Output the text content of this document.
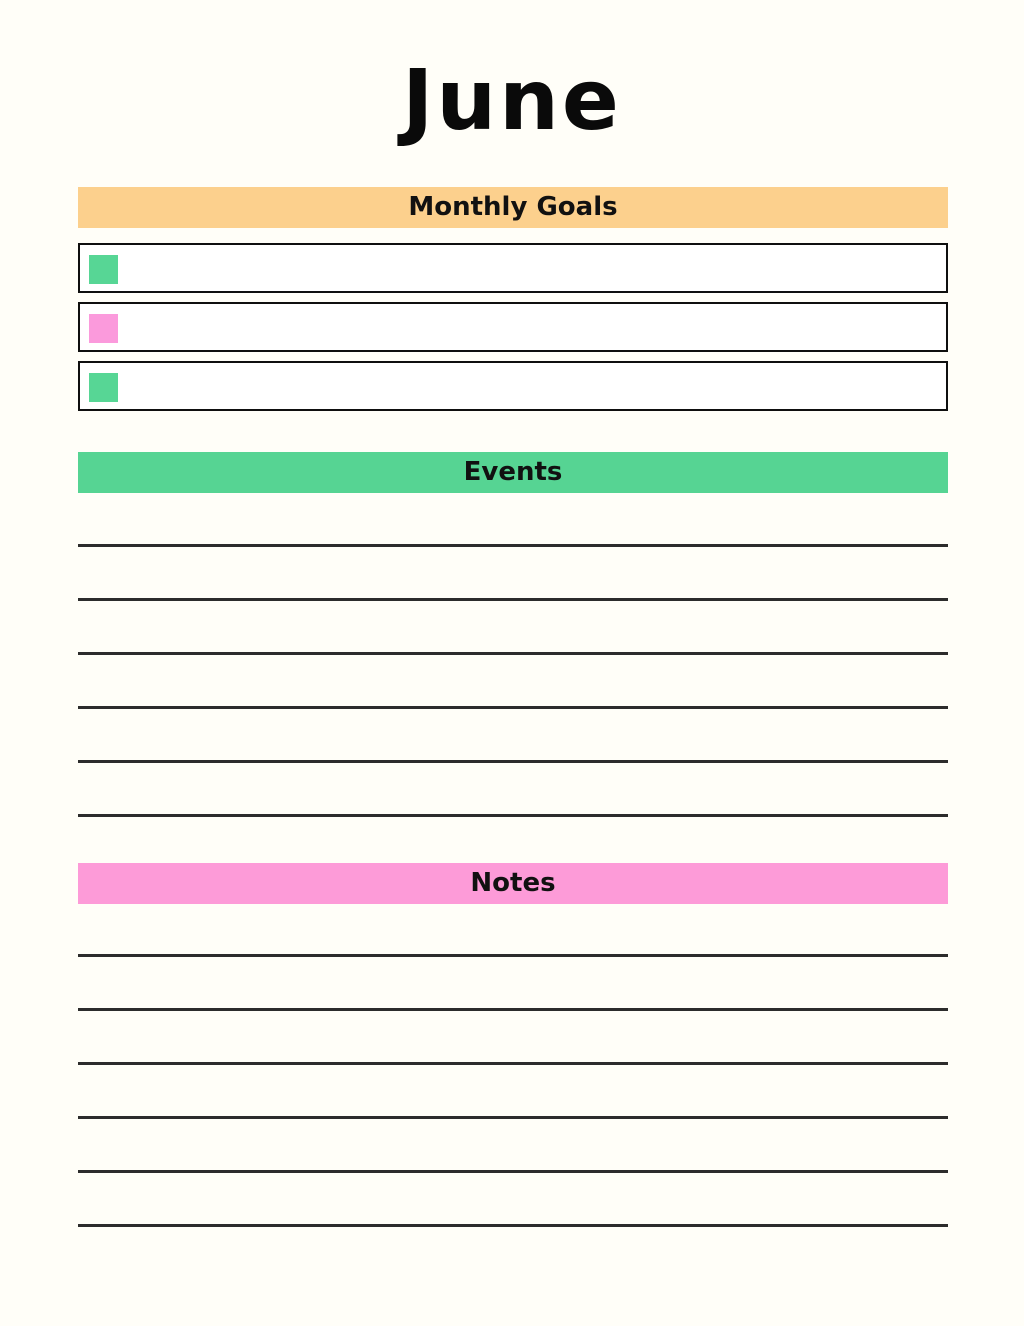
June
Monthly Goals
Events
Notes
